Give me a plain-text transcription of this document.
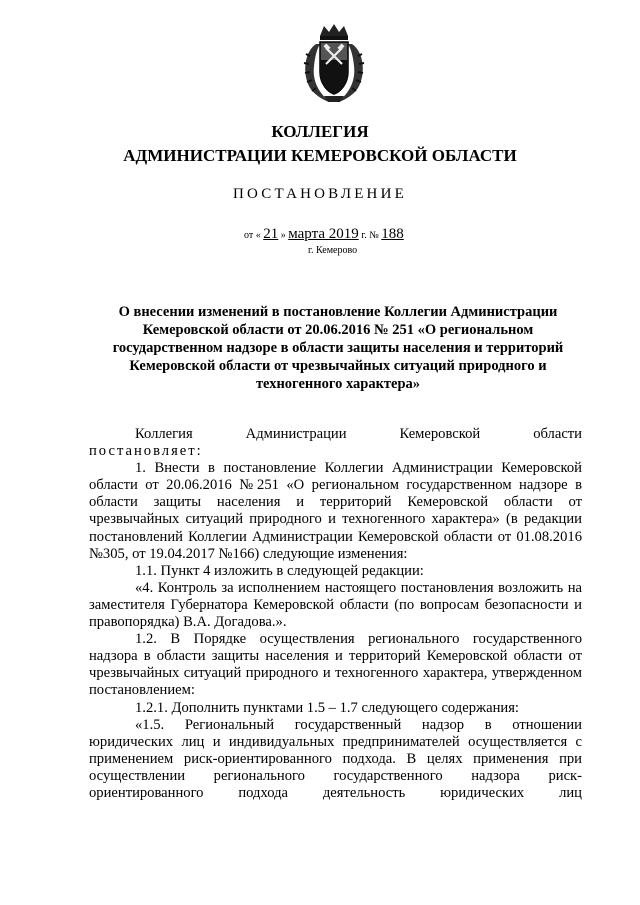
КОЛЛЕГИЯ
АДМИНИСТРАЦИИ КЕМЕРОВСКОЙ ОБЛАСТИ
ПОСТАНОВЛЕНИЕ
от « 21 » марта 2019 г. № 188
г. Кемерово
О внесении изменений в постановление Коллегии Администрации Кемеровской области от 20.06.2016 № 251 «О региональном государственном надзоре в области защиты населения и территорий Кемеровской области от чрезвычайных ситуаций природного и техногенного характера»
Коллегия	Администрации	Кемеровской	области

постановляет:

1. Внести в постановление Коллегии Администрации Кемеровской области от 20.06.2016 №251 «О региональном государственном надзоре в области защиты населения и территорий Кемеровской области от чрезвычайных ситуаций природного и техногенного характера» (в редакции постановлений Коллегии Администрации Кемеровской области от 01.08.2016 №305, от 19.04.2017 №166) следующие изменения:

1.1. Пункт 4 изложить в следующей редакции:

«4. Контроль за исполнением настоящего постановления возложить на заместителя Губернатора Кемеровской области (по вопросам безопасности и правопорядка) В.А. Догадова.».

1.2. В Порядке осуществления регионального государственного надзора в области защиты населения и территорий Кемеровской области от чрезвычайных ситуаций природного и техногенного характера, утвержденном постановлением:

1.2.1. Дополнить пунктами 1.5 – 1.7 следующего содержания:

«1.5. Региональный государственный надзор в отношении юридических лиц и индивидуальных предпринимателей осуществляется с применением риск-ориентированного подхода. В целях применения при осуществлении регионального государственного надзора риск-ориентированного подхода деятельность юридических лиц
